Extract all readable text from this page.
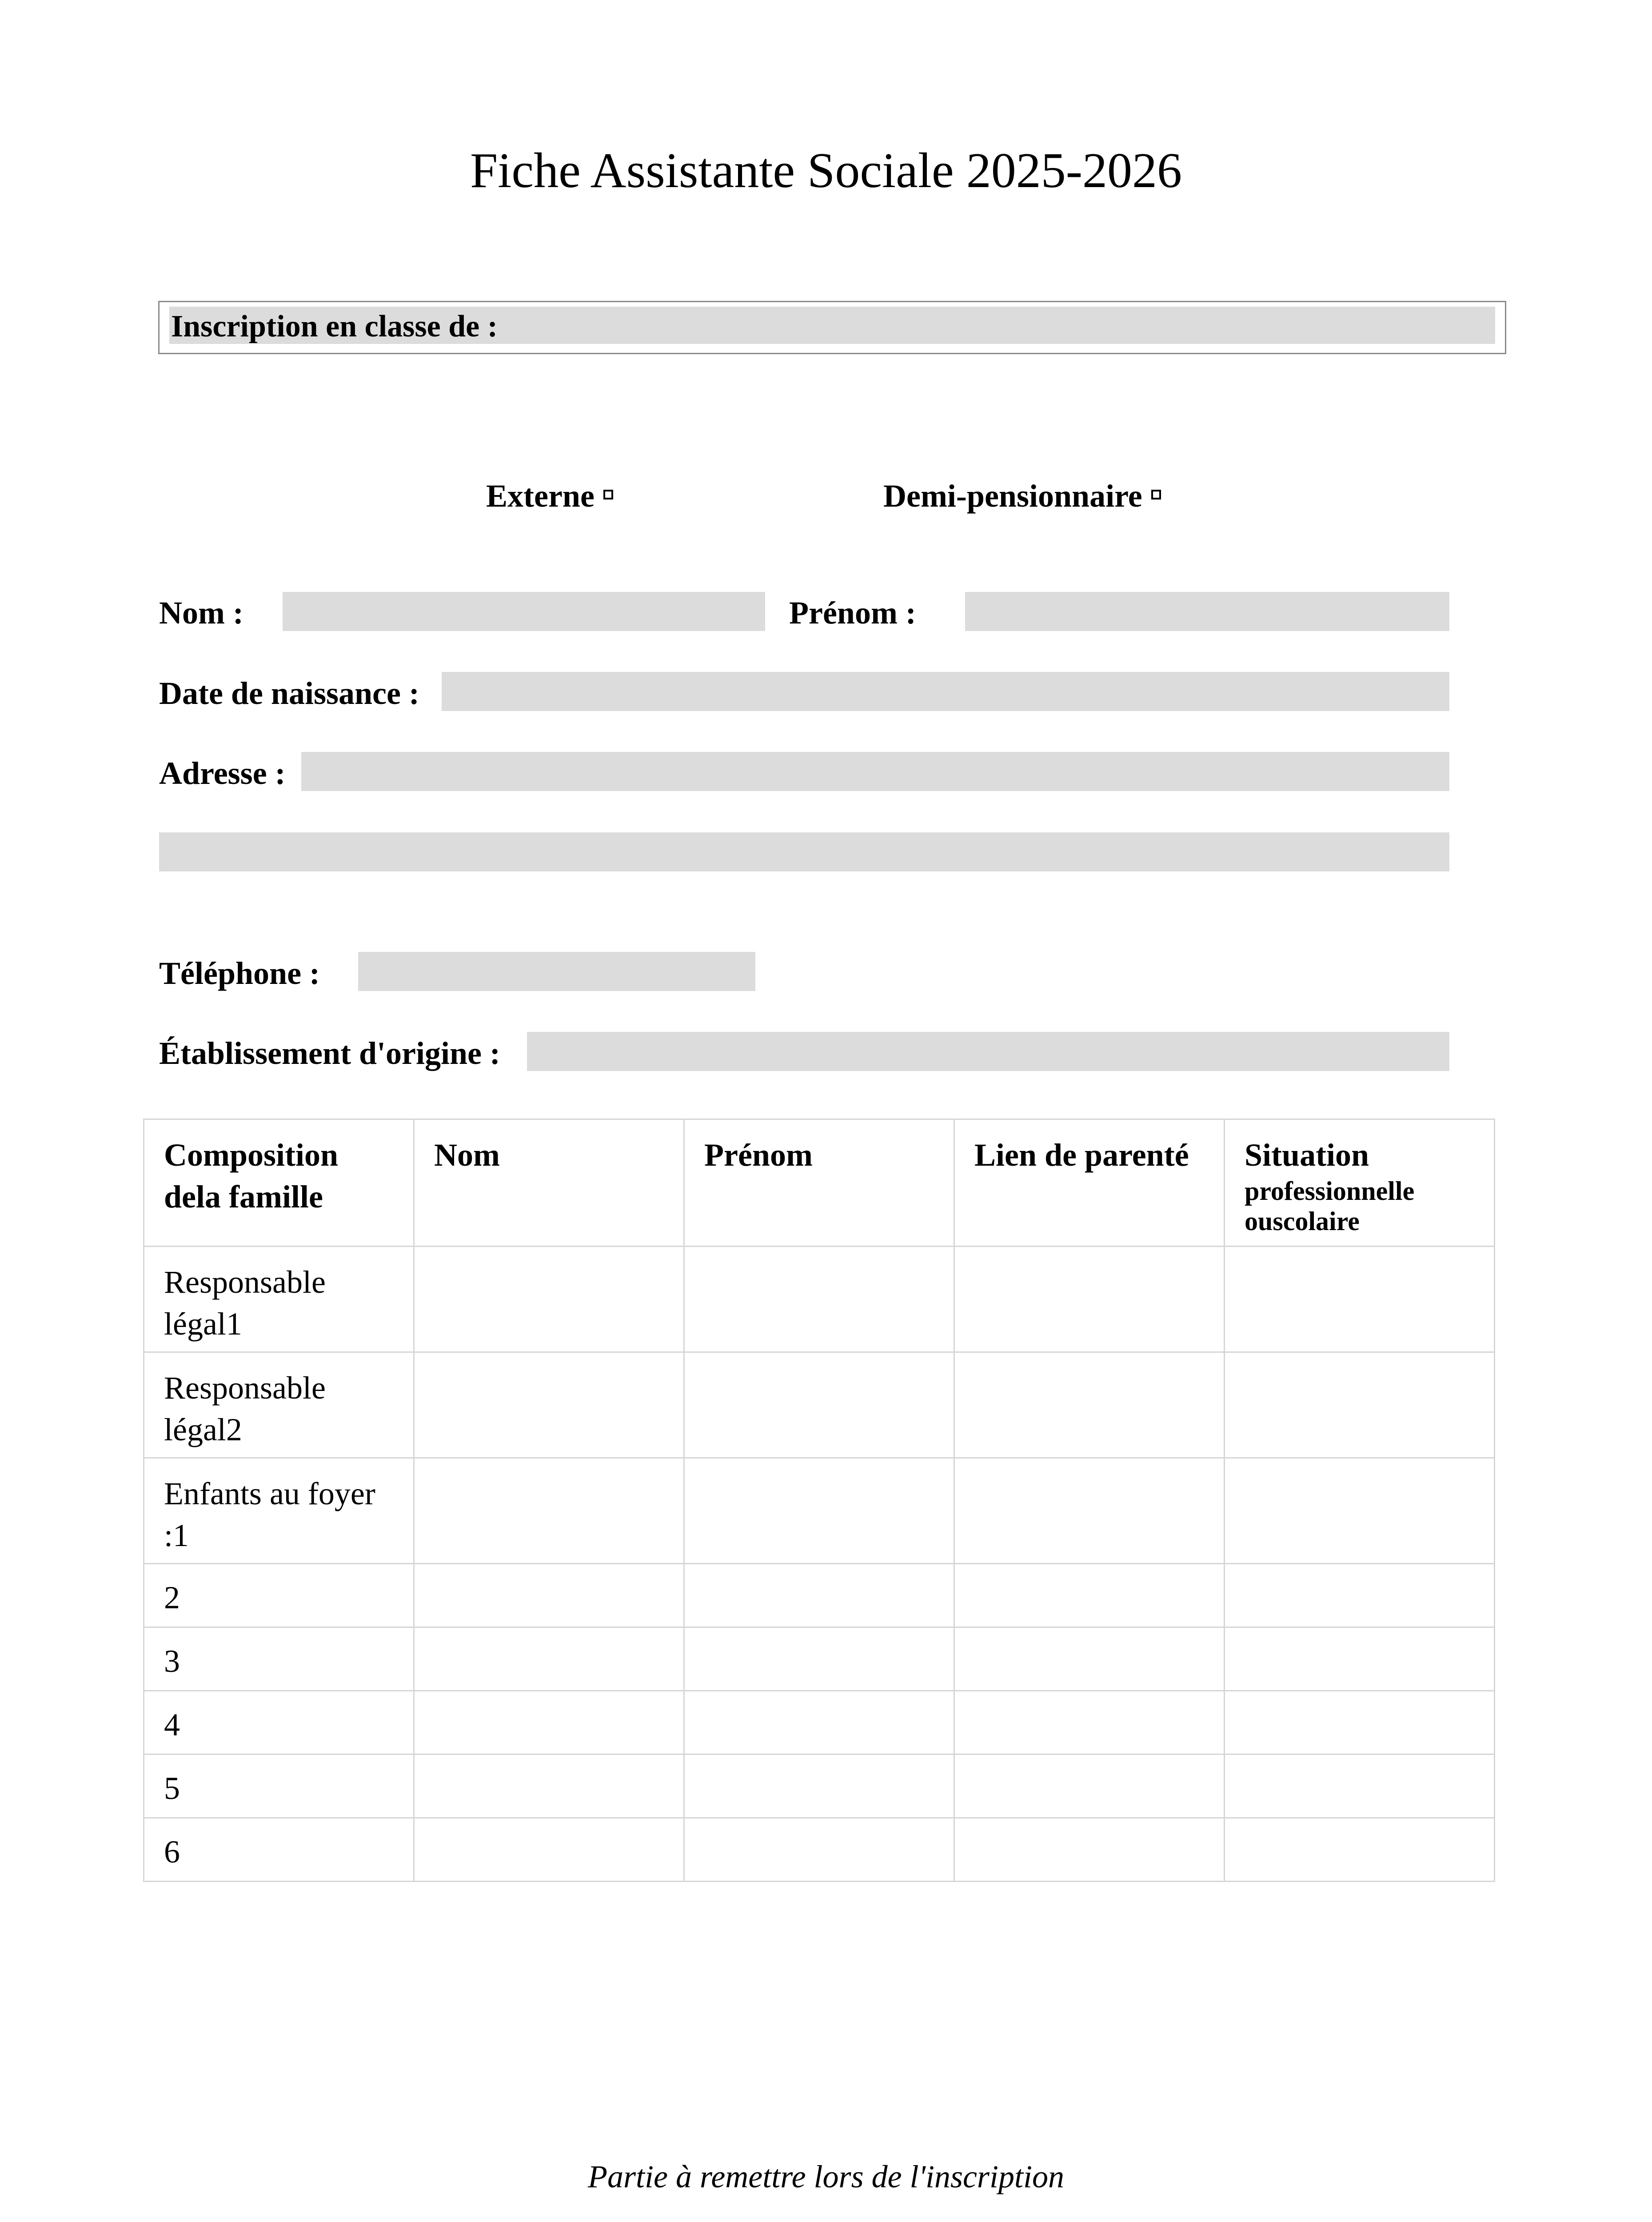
Fiche Assistante Sociale 2025-2026
Inscription en classe de :
Externe	Demi-pensionnaire
Nom :	Prénom :
Date de naissance :
Adresse :
Téléphone :
Établissement d'origine :
Composition dela famille	Nom	Prénom	Lien de parenté	Situation
professionnelle ouscolaire

Responsable légal1				
Responsable légal2				
Enfants au foyer :1				
2				
3				
4				
5				
6				
Partie à remettre lors de l'inscription
